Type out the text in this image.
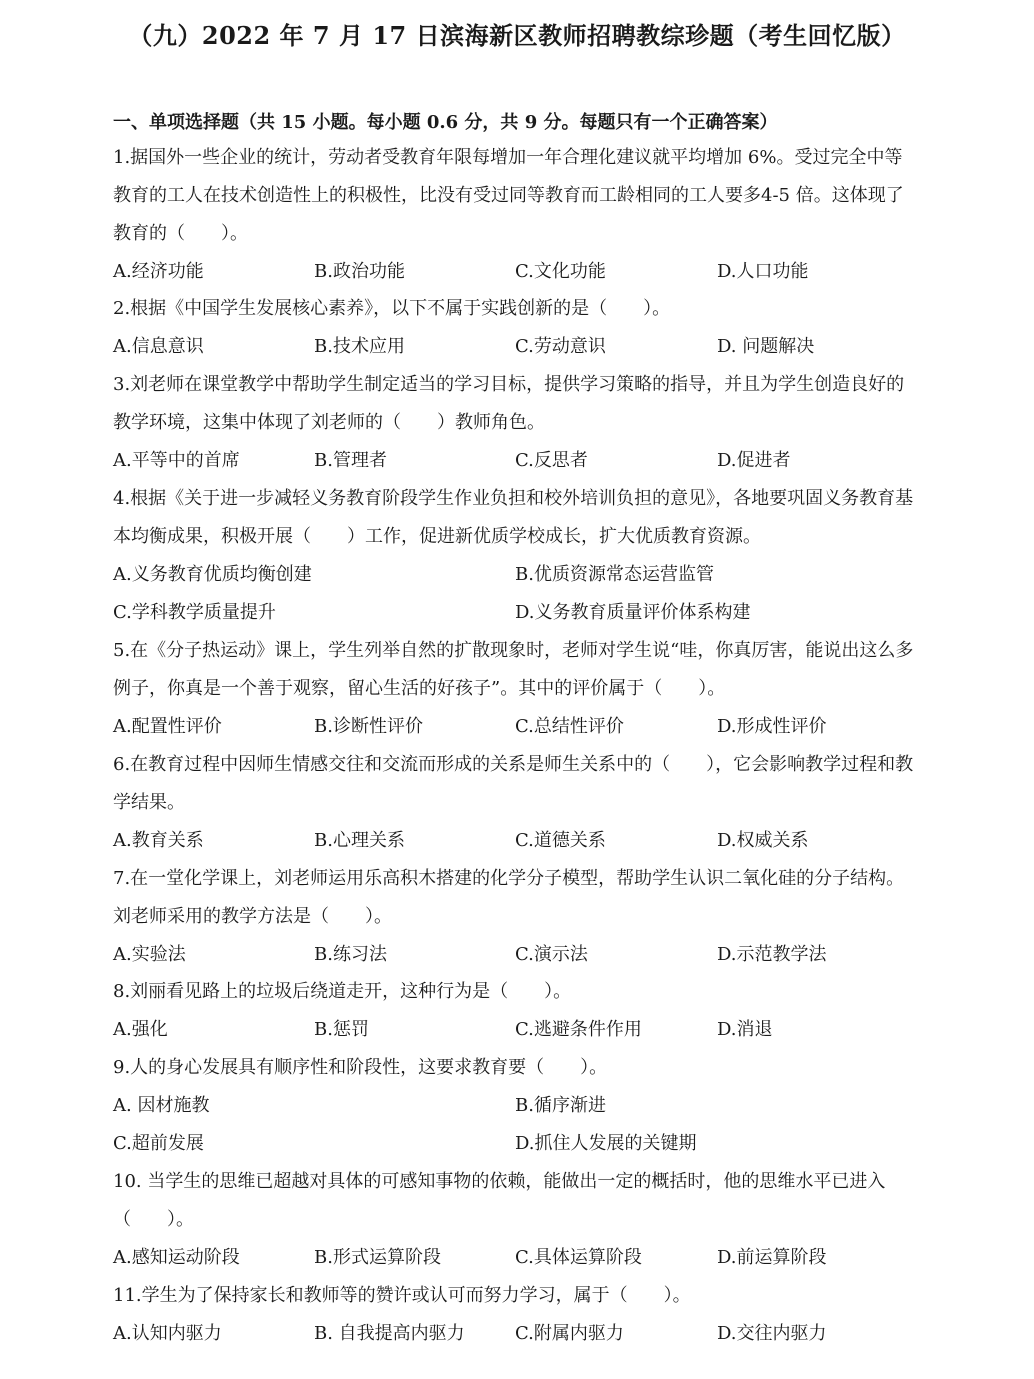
（九）2022 年 7 月 17 日滨海新区教师招聘教综珍题（考生回忆版）
一、单项选择题（共 15 小题。每小题 0.6 分，共 9 分。每题只有一个正确答案）
1.据国外一些企业的统计，劳动者受教育年限每增加一年合理化建议就平均增加 6%。受过完全中等教育的工人在技术创造性上的积极性，比没有受过同等教育而工龄相同的工人要多4-5 倍。这体现了教育的（　　）。
A.经济功能	B.政治功能	C.文化功能	D.人口功能
2.根据《中国学生发展核心素养》，以下不属于实践创新的是（　　）。
A.信息意识	B.技术应用	C.劳动意识	D. 问题解决
3.刘老师在课堂教学中帮助学生制定适当的学习目标，提供学习策略的指导，并且为学生创造良好的教学环境，这集中体现了刘老师的（　　）教师角色。
A.平等中的首席	B.管理者	C.反思者	D.促进者
4.根据《关于进一步减轻义务教育阶段学生作业负担和校外培训负担的意见》，各地要巩固义务教育基本均衡成果，积极开展（　　）工作，促进新优质学校成长，扩大优质教育资源。
A.义务教育优质均衡创建	B.优质资源常态运营监管
C.学科教学质量提升	D.义务教育质量评价体系构建
5.在《分子热运动》课上，学生列举自然的扩散现象时，老师对学生说“哇，你真厉害，能说出这么多例子，你真是一个善于观察，留心生活的好孩子”。其中的评价属于（　　）。
A.配置性评价	B.诊断性评价	C.总结性评价	D.形成性评价
6.在教育过程中因师生情感交往和交流而形成的关系是师生关系中的（　　），它会影响教学过程和教学结果。
A.教育关系	B.心理关系	C.道德关系	D.权威关系
7.在一堂化学课上，刘老师运用乐高积木搭建的化学分子模型，帮助学生认识二氧化硅的分子结构。刘老师采用的教学方法是（　　）。
A.实验法	B.练习法	C.演示法	D.示范教学法
8.刘丽看见路上的垃圾后绕道走开，这种行为是（　　）。
A.强化	B.惩罚	C.逃避条件作用	D.消退
9.人的身心发展具有顺序性和阶段性，这要求教育要（　　）。
A. 因材施教	B.循序渐进
C.超前发展	D.抓住人发展的关键期
10. 当学生的思维已超越对具体的可感知事物的依赖，能做出一定的概括时，他的思维水平已进入（　　）。
A.感知运动阶段	B.形式运算阶段	C.具体运算阶段	D.前运算阶段
11.学生为了保持家长和教师等的赞许或认可而努力学习，属于（　　）。
A.认知内驱力	B. 自我提高内驱力	C.附属内驱力	D.交往内驱力
